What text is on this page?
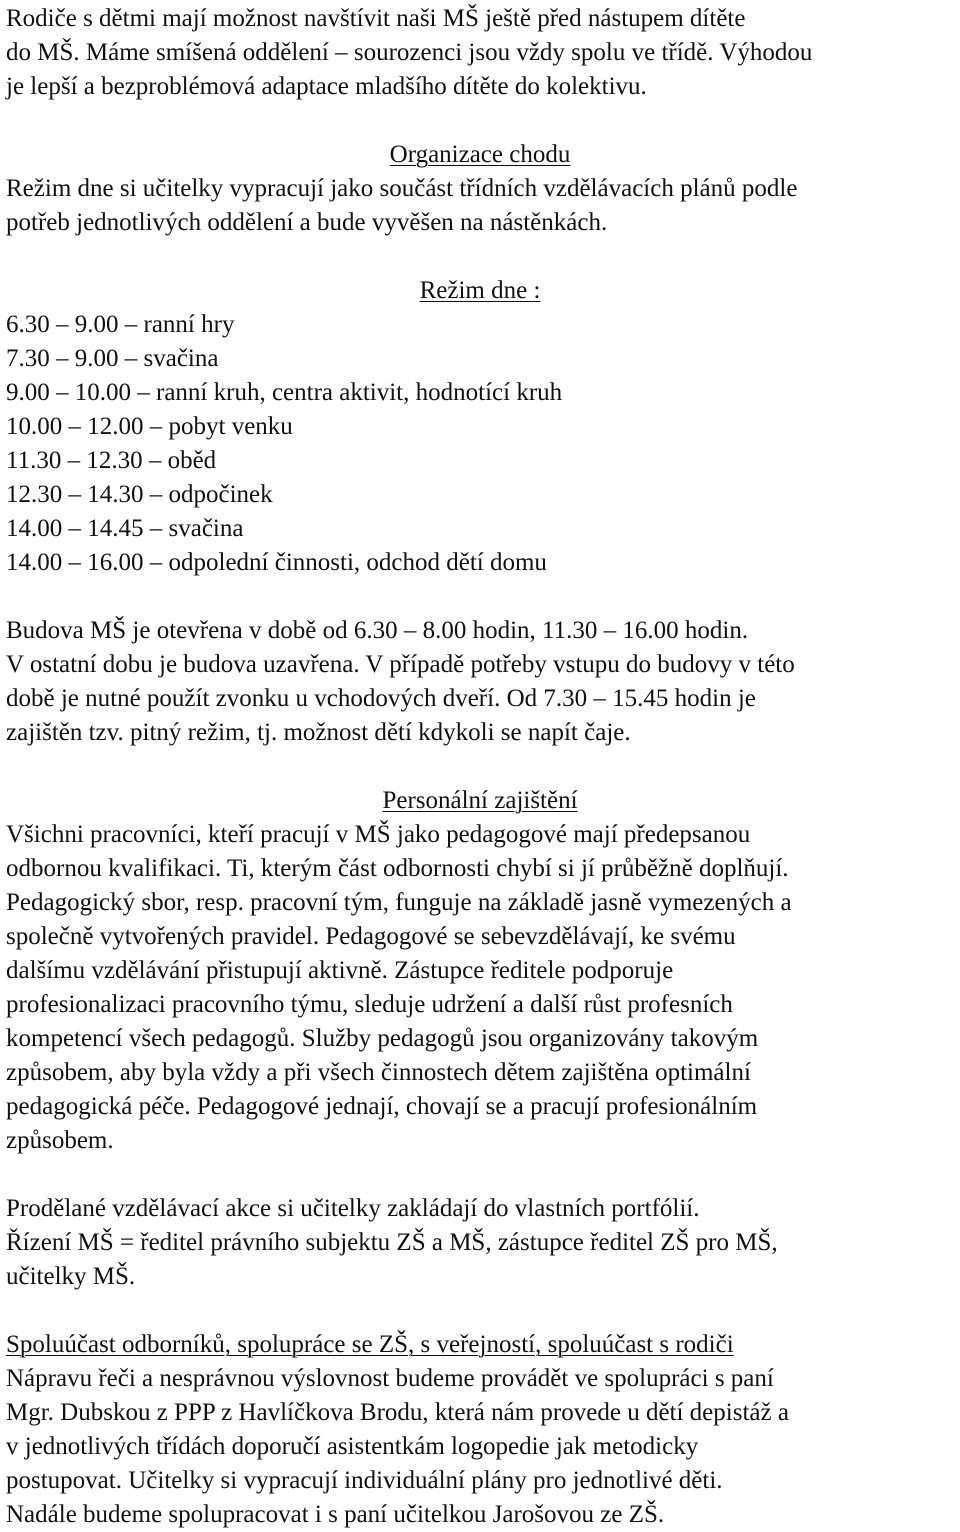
Rodiče s dětmi mají možnost navštívit naši MŠ ještě před nástupem dítěte
do MŠ. Máme smíšená oddělení – sourozenci jsou vždy spolu ve třídě. Výhodou
je lepší a bezproblémová adaptace mladšího dítěte do kolektivu.
Organizace chodu
Režim dne si učitelky vypracují jako součást třídních vzdělávacích plánů podle
potřeb jednotlivých oddělení a bude vyvěšen na nástěnkách.
Režim dne :
6.30 – 9.00 – ranní hry
7.30 – 9.00 – svačina
9.00 – 10.00 – ranní kruh, centra aktivit, hodnotící kruh
10.00 – 12.00 – pobyt venku
11.30 – 12.30 – oběd
12.30 – 14.30 – odpočinek
14.00 – 14.45 – svačina
14.00 – 16.00 – odpolední činnosti, odchod dětí domu
Budova MŠ je otevřena v době od 6.30 – 8.00 hodin, 11.30 – 16.00 hodin.
V ostatní dobu je budova uzavřena. V případě potřeby vstupu do budovy v této
době je nutné použít zvonku u vchodových dveří. Od 7.30 – 15.45 hodin je
zajištěn tzv. pitný režim, tj. možnost dětí kdykoli se napít čaje.
Personální zajištění
Všichni pracovníci, kteří pracují v MŠ jako pedagogové mají předepsanou
odbornou kvalifikaci. Ti, kterým část odbornosti chybí si jí průběžně doplňují.
Pedagogický sbor, resp. pracovní tým, funguje na základě jasně vymezených a
společně vytvořených pravidel. Pedagogové se sebevzdělávají, ke svému
dalšímu vzdělávání přistupují aktivně. Zástupce ředitele podporuje
profesionalizaci pracovního týmu, sleduje udržení a další růst profesních
kompetencí všech pedagogů. Služby pedagogů jsou organizovány takovým
způsobem, aby byla vždy a při všech činnostech dětem zajištěna optimální
pedagogická péče. Pedagogové jednají, chovají se a pracují profesionálním
způsobem.
Prodělané vzdělávací akce si učitelky zakládají do vlastních portfólií.
Řízení MŠ = ředitel právního subjektu ZŠ a MŠ, zástupce ředitel ZŠ pro MŠ,
učitelky MŠ.
Spoluúčast odborníků, spolupráce se ZŠ, s veřejností, spoluúčast s rodiči
Nápravu řeči a nesprávnou výslovnost budeme provádět ve spolupráci s paní
Mgr. Dubskou z PPP z Havlíčkova Brodu, která nám provede u dětí depistáž a
v jednotlivých třídách doporučí asistentkám logopedie jak metodicky
postupovat. Učitelky si vypracují individuální plány pro jednotlivé děti.
Nadále budeme spolupracovat i s paní učitelkou Jarošovou ze ZŠ.
